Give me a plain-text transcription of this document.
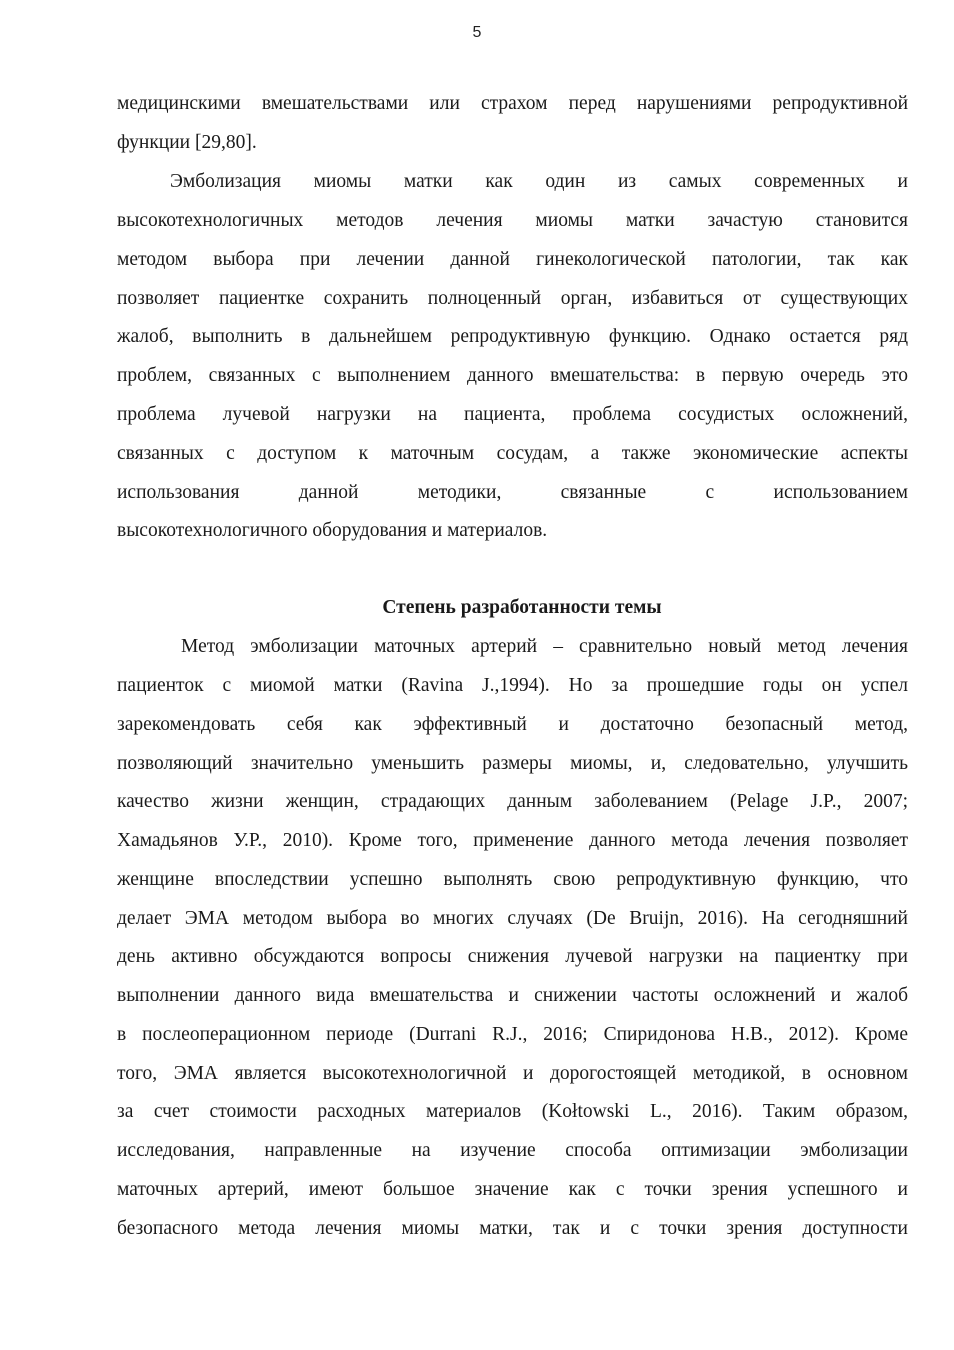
5
медицинскими вмешательствами или страхом перед нарушениями репродуктивной
функции [29,80].
Эмболизация миомы матки как один из самых современных и
высокотехнологичных методов лечения миомы матки зачастую становится
методом выбора при лечении данной гинекологической патологии, так как
позволяет пациентке сохранить полноценный орган, избавиться от существующих
жалоб, выполнить в дальнейшем репродуктивную функцию. Однако остается ряд
проблем, связанных с выполнением данного вмешательства: в первую очередь это
проблема лучевой нагрузки на пациента, проблема сосудистых осложнений,
связанных с доступом к маточным сосудам, а также экономические аспекты
использования данной методики, связанные с использованием
высокотехнологичного оборудования и материалов.
Степень разработанности темы
Метод эмболизации маточных артерий – сравнительно новый метод лечения
пациенток с миомой матки (Ravina J.,1994). Но за прошедшие годы он успел
зарекомендовать себя как эффективный и достаточно безопасный метод,
позволяющий значительно уменьшить размеры миомы, и, следовательно, улучшить
качество жизни женщин, страдающих данным заболеванием (Pelage J.P., 2007;
Хамадьянов У.Р., 2010). Кроме того, применение данного метода лечения позволяет
женщине впоследствии успешно выполнять свою репродуктивную функцию, что
делает ЭМА методом выбора во многих случаях (De Bruijn, 2016). На сегодняшний
день активно обсуждаются вопросы снижения лучевой нагрузки на пациентку при
выполнении данного вида вмешательства и снижении частоты осложнений и жалоб
в послеоперационном периоде (Durrani R.J., 2016; Спиридонова Н.В., 2012). Кроме
того, ЭМА является высокотехнологичной и дорогостоящей методикой, в основном
за счет стоимости расходных материалов (Kołtowski L., 2016). Таким образом,
исследования, направленные на изучение способа оптимизации эмболизации
маточных артерий, имеют большое значение как с точки зрения успешного и
безопасного метода лечения миомы матки, так и с точки зрения доступности
